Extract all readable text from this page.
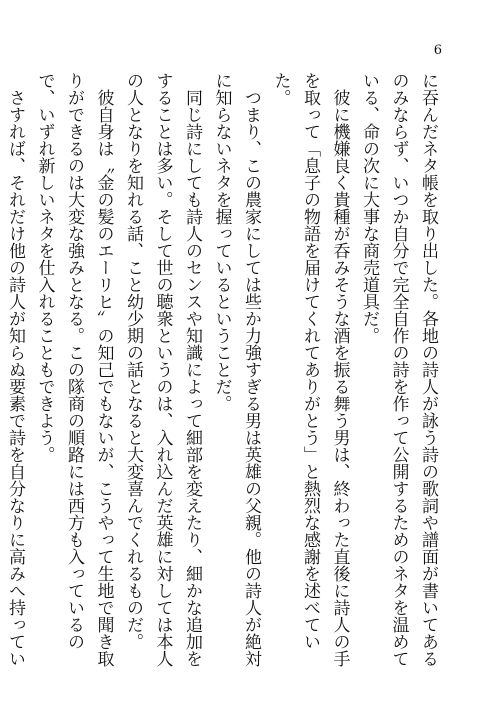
6

に吞んだネタ帳を取り出した。各地の詩人が詠う詩の歌詞や譜面が書いてあるのみならず、いつか自分で完全自作の詩を作って公開するためのネタを温めている、命の次に大事な商売道具だ。

　彼に機嫌良く貴種が呑みそうな酒を振る舞う男は、終わった直後に詩人の手を取って「息子の物語を届けてくれてありがとう」と熱烈な感謝を述べていた。

　つまり、この農家にしては些か力強すぎる男は英雄の父親。他の詩人が絶対に知らないネタを握っているということだ。

　同じ詩にしても詩人のセンスや知識によって細部を変えたり、細かな追加をすることは多い。そして世の聴衆というのは、入れ込んだ英雄に対しては本人の人となりを知れる話、こと幼少期の話となると大変喜んでくれるものだ。

　彼自身は〝金の髪のエーリヒ〟の知己でもないが、こうやって生地で聞き取りができるのは大変な強みとなる。この隊商の順路には西方も入っているので、いずれ新しいネタを仕入れることもできよう。

　さすれば、それだけ他の詩人が知らぬ要素で詩を自分なりに高みへ持ってい
